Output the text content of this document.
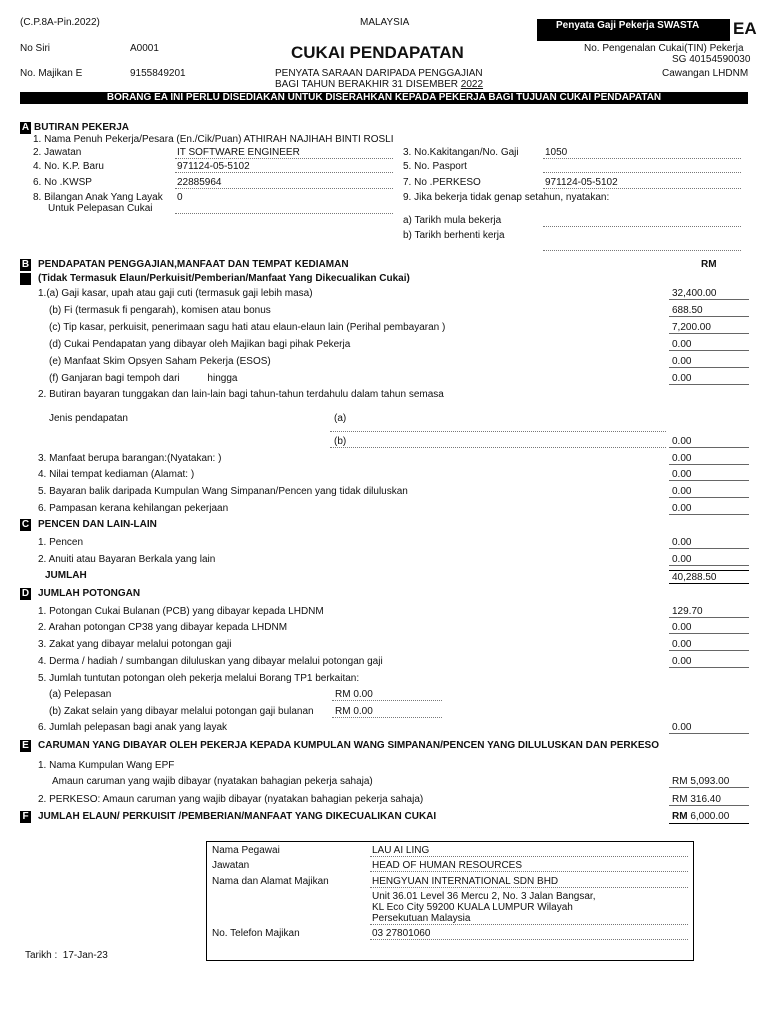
(C.P.8A-Pin.2022)	MALAYSIA	Penyata Gaji Pekerja SWASTA	EA
No Siri	A0001	CUKAI PENDAPATAN	No. Pengenalan Cukai(TIN) Pekerja
SG 40154590030
No. Majikan E	9155849201	PENYATA SARAAN DARIPADA PENGGAJIAN
BAGI TAHUN BERAKHIR 31 DISEMBER 2022
Cawangan LHDNM
BORANG EA INI PERLU DISEDIAKAN UNTUK DISERAHKAN KEPADA PEKERJA BAGI TUJUAN CUKAI PENDAPATAN
A BUTIRAN PEKERJA
1. Nama Penuh Pekerja/Pesara (En./Cik/Puan) ATHIRAH NAJIHAH BINTI ROSLI
2. Jawatan	IT SOFTWARE ENGINEER	3. No.Kakitangan/No. Gaji	1050
4. No. K.P. Baru	971124-05-5102	5. No. Pasport
6. No .KWSP	22885964	7. No .PERKESO	971124-05-5102
8. Bilangan Anak Yang Layak 0
Untuk Pelepasan Cukai
9. Jika bekerja tidak genap setahun, nyatakan:
a) Tarikh mula bekerja
b) Tarikh berhenti kerja
B PENDAPATAN PENGGAJIAN,MANFAAT DAN TEMPAT KEDIAMAN	RM
(Tidak Termasuk Elaun/Perkuisit/Pemberian/Manfaat Yang Dikecualikan Cukai)
1.(a) Gaji kasar, upah atau gaji cuti (termasuk gaji lebih masa)	32,400.00
(b) Fi (termasuk fi pengarah), komisen atau bonus	688.50
(c) Tip kasar, perkuisit, penerimaan sagu hati atau elaun-elaun lain (Perihal pembayaran )	7,200.00
(d) Cukai Pendapatan yang dibayar oleh Majikan bagi pihak Pekerja	0.00
(e) Manfaat Skim Opsyen Saham Pekerja (ESOS)	0.00
(f) Ganjaran bagi tempoh dari          hingga	0.00
2. Butiran bayaran tunggakan dan lain-lain bagi tahun-tahun terdahulu dalam tahun semasa
Jenis pendapatan	(a)
(b)	0.00
3. Manfaat berupa barangan:(Nyatakan: )	0.00
4. Nilai tempat kediaman (Alamat: )	0.00
5. Bayaran balik daripada Kumpulan Wang Simpanan/Pencen yang tidak diluluskan	0.00
6. Pampasan kerana kehilangan pekerjaan	0.00
C PENCEN DAN LAIN-LAIN
1. Pencen	0.00
2. Anuiti atau Bayaran Berkala yang lain	0.00
JUMLAH	40,288.50
D JUMLAH POTONGAN
1. Potongan Cukai Bulanan (PCB) yang dibayar kepada LHDNM	129.70
2. Arahan potongan CP38 yang dibayar kepada LHDNM	0.00
3. Zakat yang dibayar melalui potongan gaji	0.00
4. Derma / hadiah / sumbangan diluluskan yang dibayar melalui potongan gaji	0.00
5. Jumlah tuntutan potongan oleh pekerja melalui Borang TP1 berkaitan:
(a) Pelepasan	RM 0.00
(b) Zakat selain yang dibayar melalui potongan gaji bulanan RM 0.00
6. Jumlah pelepasan bagi anak yang layak	0.00
E CARUMAN YANG DIBAYAR OLEH PEKERJA KEPADA KUMPULAN WANG SIMPANAN/PENCEN YANG DILULUSKAN DAN PERKESO
1. Nama Kumpulan Wang EPF
Amaun caruman yang wajib dibayar (nyatakan bahagian pekerja sahaja)	RM 5,093.00
2. PERKESO: Amaun caruman yang wajib dibayar (nyatakan bahagian pekerja sahaja)	RM 316.40
F JUMLAH ELAUN/ PERKUISIT /PEMBERIAN/MANFAAT YANG DIKECUALIKAN CUKAI	RM 6,000.00
Nama Pegawai	LAU AI LING
Jawatan	HEAD OF HUMAN RESOURCES
Nama dan Alamat Majikan	HENGYUAN INTERNATIONAL SDN BHD
Unit 36.01 Level 36 Mercu 2, No. 3 Jalan Bangsar,
KL Eco City 59200 KUALA LUMPUR Wilayah
Persekutuan Malaysia
No. Telefon Majikan	03 27801060
Tarikh :  17-Jan-23
